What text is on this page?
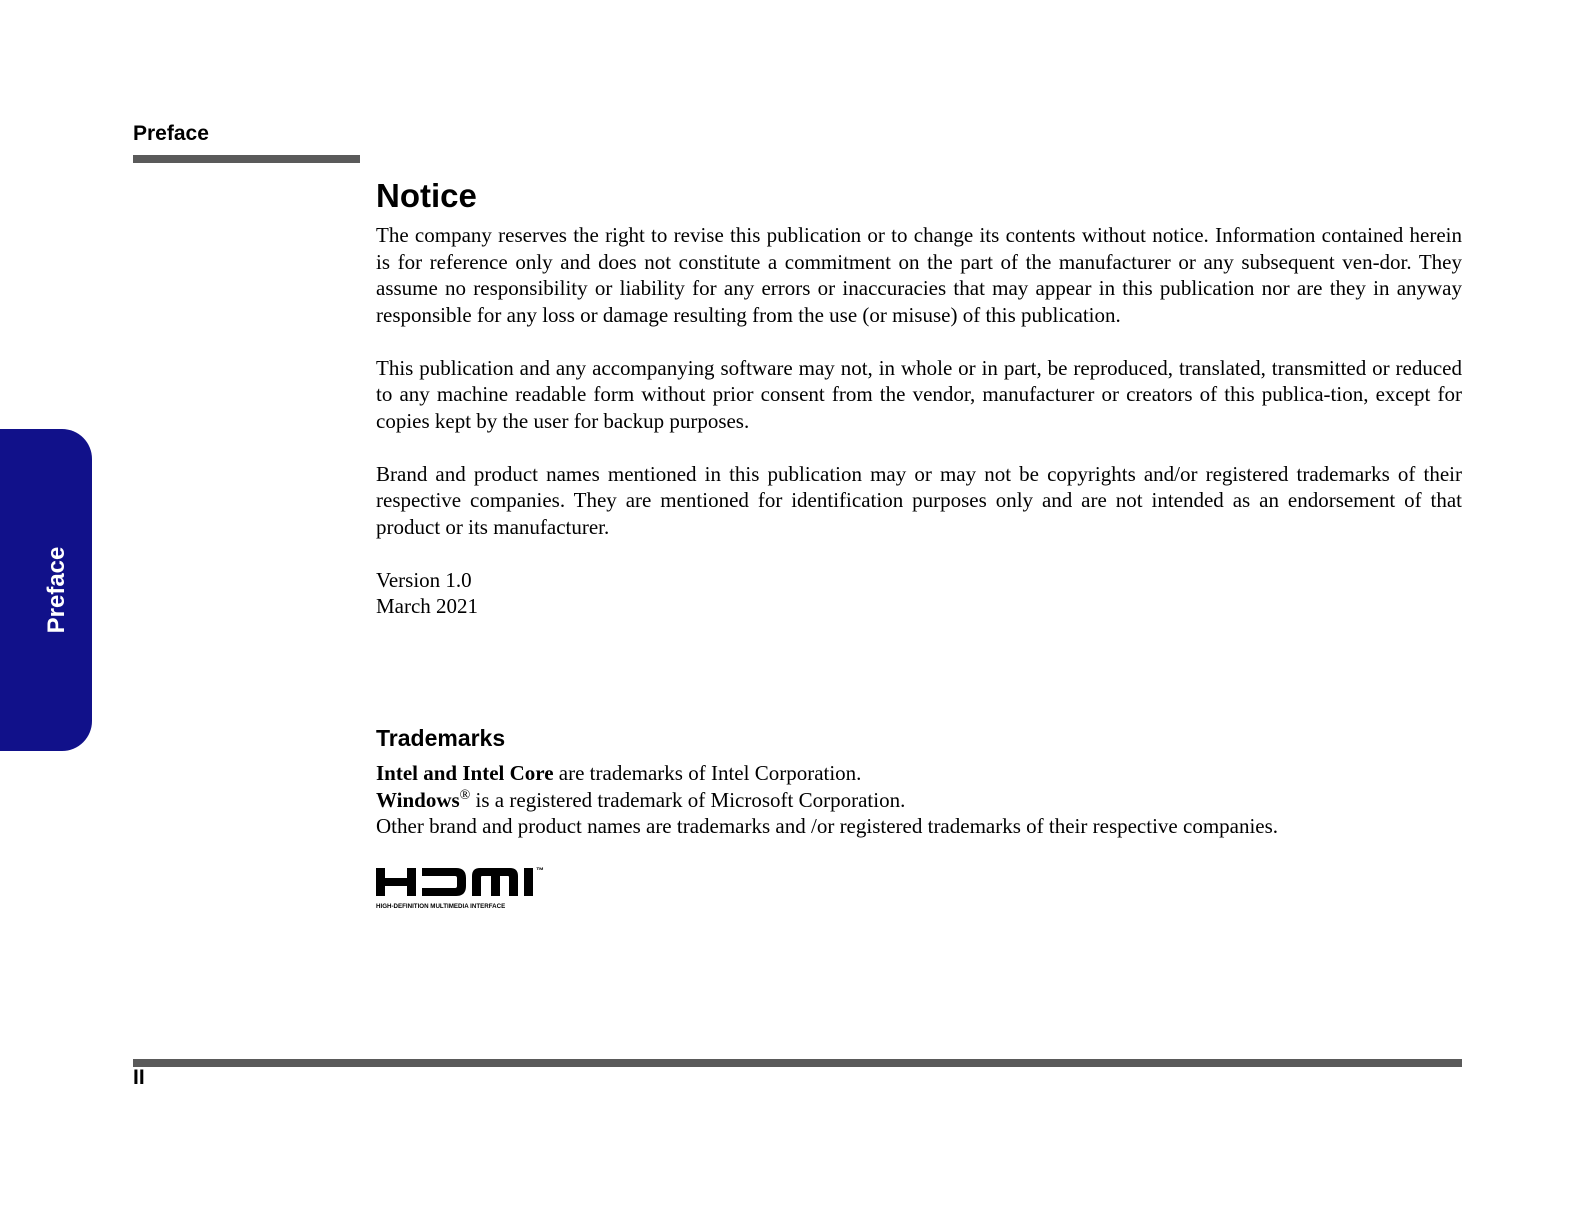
Preface
Preface
Notice

The company reserves the right to revise this publication or to change its contents without notice. Information contained herein is for reference only and does not constitute a commitment on the part of the manufacturer or any subsequent ven-dor. They assume no responsibility or liability for any errors or inaccuracies that may appear in this publication nor are they in anyway responsible for any loss or damage resulting from the use (or misuse) of this publication.

This publication and any accompanying software may not, in whole or in part, be reproduced, translated, transmitted or reduced to any machine readable form without prior consent from the vendor, manufacturer or creators of this publica-tion, except for copies kept by the user for backup purposes.

Brand and product names mentioned in this publication may or may not be copyrights and/or registered trademarks of their respective companies. They are mentioned for identification purposes only and are not intended as an endorsement of that product or its manufacturer.

Version 1.0
March 2021
Trademarks

Intel and Intel Core are trademarks of Intel Corporation.

Windows® is a registered trademark of Microsoft Corporation.

Other brand and product names are trademarks and /or registered trademarks of their respective companies.

™
HIGH-DEFINITION MULTIMEDIA INTERFACE
II
